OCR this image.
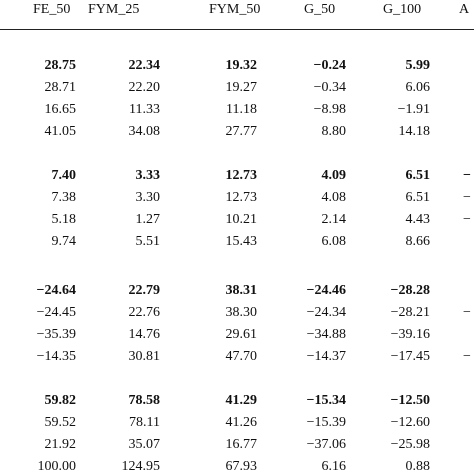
FE_50 FYM_25	FYM_50	G_50	G_100	A
28.75	22.34	19.32	−0.24	5.99
28.71	22.20	19.27	−0.34	6.06
16.65	11.33	11.18	−8.98	−1.91
41.05	34.08	27.77	8.80	14.18
7.40	3.33	12.73	4.09	6.51 −
7.38	3.30	12.73	4.08	6.51 −
5.18	1.27	10.21	2.14	4.43 −
9.74	5.51	15.43	6.08	8.66
−24.64	22.79	38.31	−24.46	−28.28
−24.45	22.76	38.30	−24.34	−28.21 −
−35.39	14.76	29.61	−34.88	−39.16
−14.35	30.81	47.70	−14.37	−17.45 −
59.82	78.58	41.29	−15.34	−12.50
59.52	78.11	41.26	−15.39	−12.60
21.92	35.07	16.77	−37.06	−25.98
100.00	124.95	67.93	6.16	0.88
